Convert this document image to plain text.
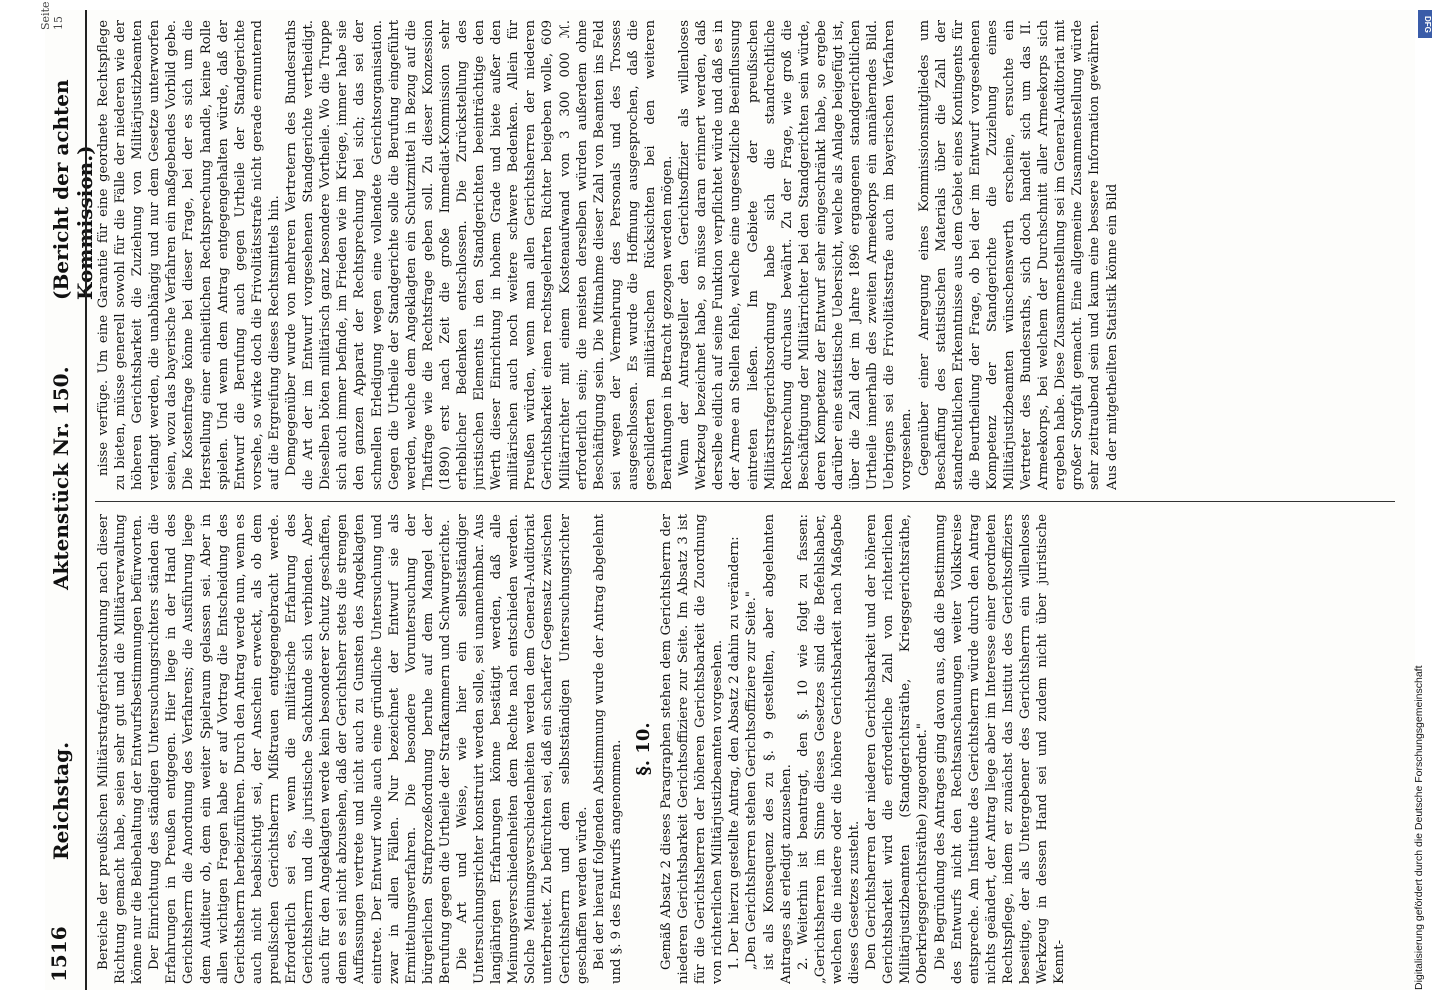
1516
Reichstag.
Aktenstück Nr. 150.
(Bericht der achten Kommission.)
Seite 15

Bereiche der preußischen Militärstrafgerichtsordnung nach dieser Richtung gemacht habe, seien sehr gut und die Militärverwaltung könne nur die Beibehaltung der Entwurfsbestimmungen befürworten. Der Einrichtung des ständigen Untersuchungsrichters ständen die Erfahrungen in Preußen entgegen. Hier liege in der Hand des Gerichtsherrn die Anordnung des Verfahrens; die Ausführung liege dem Auditeur ob, dem ein weiter Spielraum gelassen sei. Aber in allen wichtigen Fragen habe er auf Vortrag die Entscheidung des Gerichtsherrn herbeizuführen. Durch den Antrag werde nun, wenn es auch nicht beabsichtigt sei, der Anschein erweckt, als ob dem preußischen Gerichtsherrn Mißtrauen entgegengebracht werde. Erforderlich sei es, wenn die militärische Erfahrung des Gerichtsherrn und die juristische Sachkunde sich verbinden. Aber auch für den Angeklagten werde kein besonderer Schutz geschaffen, denn es sei nicht abzusehen, daß der Gerichtsherr stets die strengen Auffassungen vertrete und nicht auch zu Gunsten des Angeklagten eintrete. Der Entwurf wolle auch eine gründliche Untersuchung und zwar in allen Fällen. Nur bezeichnet der Entwurf sie als Ermittelungsverfahren. Die besondere Voruntersuchung der bürgerlichen Strafprozeßordnung beruhe auf dem Mangel der Berufung gegen die Urtheile der Strafkammern und Schwurgerichte. Die Art und Weise, wie hier ein selbstständiger Untersuchungsrichter konstruirt werden solle, sei unannehmbar. Aus langjährigen Erfahrungen könne bestätigt werden, daß alle Meinungsverschiedenheiten dem Rechte nach entschieden werden. Solche Meinungsverschiedenheiten werden dem General-Auditoriat unterbreitet. Zu befürchten sei, daß ein scharfer Gegensatz zwischen Gerichtsherrn und dem selbstständigen Untersuchungsrichter geschaffen werden würde. Bei der hierauf folgenden Abstimmung wurde der Antrag abgelehnt und §. 9 des Entwurfs angenommen. §. 10. Gemäß Absatz 2 dieses Paragraphen stehen dem Gerichtsherrn der niederen Gerichtsbarkeit Gerichtsoffiziere zur Seite. Im Absatz 3 ist für die Gerichtsherren der höheren Gerichtsbarkeit die Zuordnung von richterlichen Militärjustizbeamten vorgesehen. 1. Der hierzu gestellte Antrag, den Absatz 2 dahin zu verändern: „Den Gerichtsherren stehen Gerichtsoffiziere zur Seite." ist als Konsequenz des zu §. 9 gestellten, aber abgelehnten Antrages als erledigt anzusehen. 2. Weiterhin ist beantragt, den §. 10 wie folgt zu fassen: „Gerichtsherren im Sinne dieses Gesetzes sind die Befehlshaber, welchen die niedere oder die höhere Gerichtsbarkeit nach Maßgabe dieses Gesetzes zusteht. Den Gerichtsherren der niederen Gerichtsbarkeit und der höheren Gerichtsbarkeit wird die erforderliche Zahl von richterlichen Militärjustizbeamten (Standgerichtsräthe, Kriegsgerichtsräthe, Oberkriegsgerichtsräthe) zugeordnet." Die Begründung des Antrages ging davon aus, daß die Bestimmung des Entwurfs nicht den Rechtsanschauungen weiter Volkskreise entspreche. Am Institute des Gerichtsherrn würde durch den Antrag nichts geändert, der Antrag liege aber im Interesse einer geordneten Rechtspflege, indem er zunächst das Institut des Gerichtsoffiziers beseitige, der als Untergebener des Gerichtsherrn ein willenloses Werkzeug in dessen Hand sei und zudem nicht über juristische Kennt-

nisse verfüge. Um eine Garantie für eine geordnete Rechtspflege zu bieten, müsse generell sowohl für die Fälle der niederen wie der höheren Gerichtsbarkeit die Zuziehung von Militärjustizbeamten verlangt werden, die unabhängig und nur dem Gesetze unterworfen seien, wozu das bayerische Verfahren ein maßgebendes Vorbild gebe. Die Kostenfrage könne bei dieser Frage, bei der es sich um die Herstellung einer einheitlichen Rechtsprechung handle, keine Rolle spielen. Und wenn dem Antrag entgegengehalten würde, daß der Entwurf die Berufung auch gegen Urtheile der Standgerichte vorsehe, so wirke doch die Frivolitätsstrafe nicht gerade ermunternd auf die Ergreifung dieses Rechtsmittels hin. Demgegenüber wurde von mehreren Vertretern des Bundesraths die Art der im Entwurf vorgesehenen Standgerichte vertheidigt. Dieselben böten militärisch ganz besondere Vortheile. Wo die Truppe sich auch immer befinde, im Frieden wie im Kriege, immer habe sie den ganzen Apparat der Rechtsprechung bei sich; das sei der schnellen Erledigung wegen eine vollendete Gerichtsorganisation. Gegen die Urtheile der Standgerichte solle die Berufung eingeführt werden, welche dem Angeklagten ein Schutzmittel in Bezug auf die Thatfrage wie die Rechtsfrage geben soll. Zu dieser Konzession (1890) erst nach Zeit die große Immediat-Kommission sehr erheblicher Bedenken entschlossen. Die Zurückstellung des juristischen Elements in den Standgerichten beeinträchtige den Werth dieser Einrichtung in hohem Grade und biete außer den militärischen auch noch weitere schwere Bedenken. Allein für Preußen würden, wenn man allen Gerichtsherren der niederen Gerichtsbarkeit einen rechtsgelehrten Richter beigeben wolle, 609 Militärrichter mit einem Kostenaufwand von 3 300 000 ℳ. erforderlich sein; die meisten derselben würden außerdem ohne Beschäftigung sein. Die Mitnahme dieser Zahl von Beamten ins Feld sei wegen der Vermehrung des Personals und des Trosses ausgeschlossen. Es wurde die Hoffnung ausgesprochen, daß die geschilderten militärischen Rücksichten bei den weiteren Berathungen in Betracht gezogen werden mögen. Wenn der Antragsteller den Gerichtsoffizier als willenloses Werkzeug bezeichnet habe, so müsse daran erinnert werden, daß derselbe eidlich auf seine Funktion verpflichtet würde und daß es in der Armee an Stellen fehle, welche eine ungesetzliche Beeinflussung eintreten ließen. Im Gebiete der preußischen Militärstrafgerichtsordnung habe sich die standrechtliche Rechtsprechung durchaus bewährt. Zu der Frage, wie groß die Beschäftigung der Militärrichter bei den Standgerichten sein würde, deren Kompetenz der Entwurf sehr eingeschränkt habe, so ergebe darüber eine statistische Uebersicht, welche als Anlage beigefügt ist, über die Zahl der im Jahre 1896 ergangenen standgerichtlichen Urtheile innerhalb des zweiten Armeekorps ein annäherndes Bild. Uebrigens sei die Frivolitätsstrafe auch im bayerischen Verfahren vorgesehen. Gegenüber einer Anregung eines Kommissionsmitgliedes um Beschaffung des statistischen Materials über die Zahl der standrechtlichen Erkenntnisse aus dem Gebiet eines Kontingents für die Beurtheilung der Frage, ob bei der im Entwurf vorgesehenen Kompetenz der Standgerichte die Zuziehung eines Militärjustizbeamten wünschenswerth erscheine, ersuchte ein Vertreter des Bundesraths, sich doch handelt sich um das II. Armeekorps, bei welchem der Durchschnitt aller Armeekorps sich ergeben habe. Diese Zusammenstellung sei im General-Auditoriat mit großer Sorgfalt gemacht. Eine allgemeine Zusammenstellung würde sehr zeitraubend sein und kaum eine bessere Information gewähren. Aus der mitgetheilten Statistik könne ein Bild

Digitalisierung gefördert durch die Deutsche Forschungsgemeinschaft
DFG
